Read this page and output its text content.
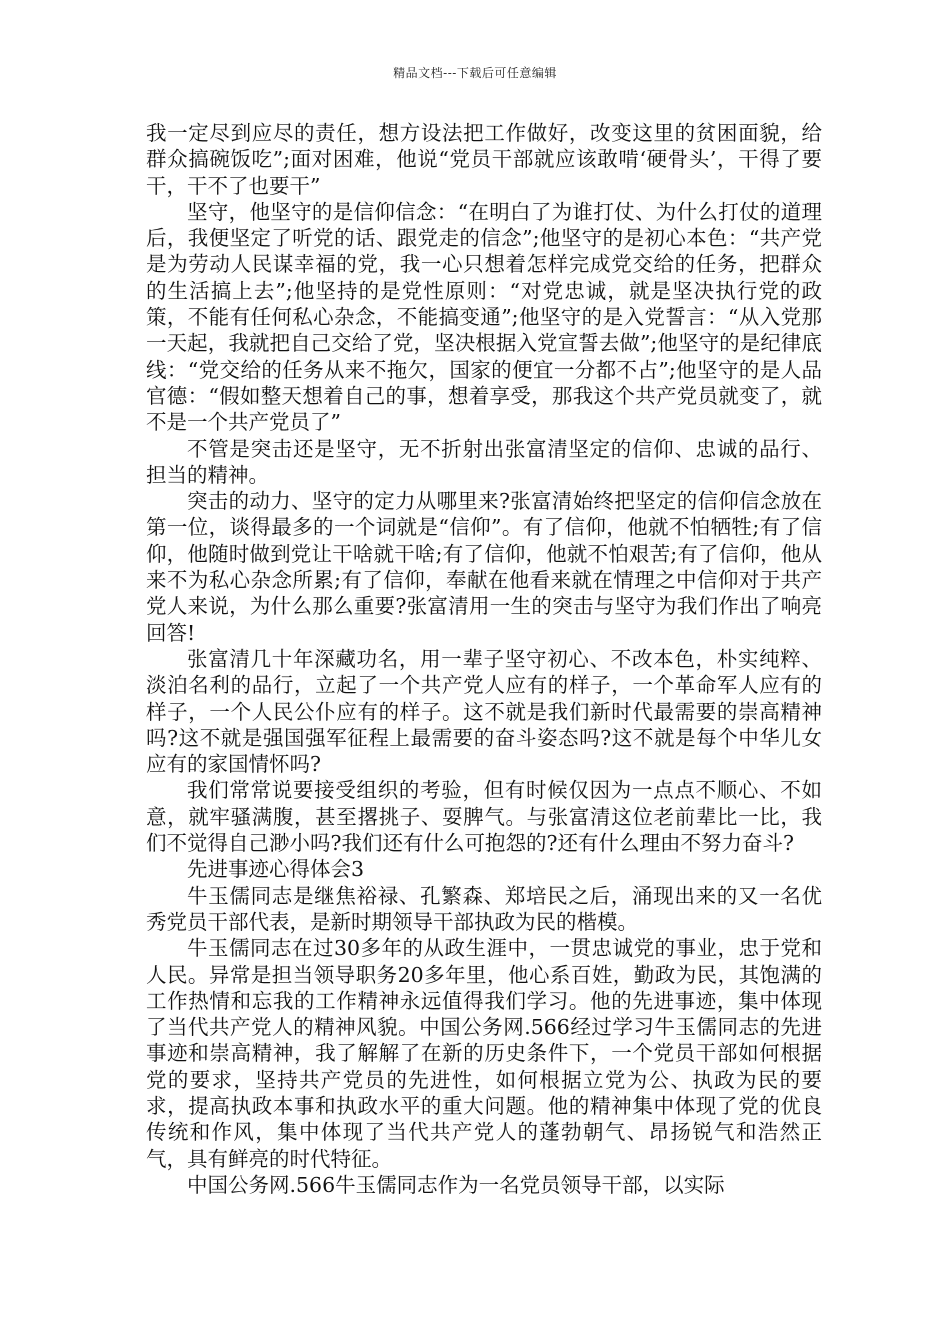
精品文档---下载后可任意编辑

我一定尽到应尽的责任，想方设法把工作做好，改变这里的贫困面貌，给群众搞碗饭吃”;面对困难，他说“党员干部就应该敢啃‘硬骨头’，干得了要干，干不了也要干”

坚守，他坚守的是信仰信念：“在明白了为谁打仗、为什么打仗的道理后，我便坚定了听党的话、跟党走的信念”;他坚守的是初心本色：“共产党是为劳动人民谋幸福的党，我一心只想着怎样完成党交给的任务，把群众的生活搞上去”;他坚持的是党性原则：“对党忠诚，就是坚决执行党的政策，不能有任何私心杂念，不能搞变通”;他坚守的是入党誓言：“从入党那一天起，我就把自己交给了党，坚决根据入党宣誓去做”;他坚守的是纪律底线：“党交给的任务从来不拖欠，国家的便宜一分都不占”;他坚守的是人品官德：“假如整天想着自己的事，想着享受，那我这个共产党员就变了，就不是一个共产党员了”

不管是突击还是坚守，无不折射出张富清坚定的信仰、忠诚的品行、担当的精神。

突击的动力、坚守的定力从哪里来?张富清始终把坚定的信仰信念放在第一位，谈得最多的一个词就是“信仰”。有了信仰，他就不怕牺牲;有了信仰，他随时做到党让干啥就干啥;有了信仰，他就不怕艰苦;有了信仰，他从来不为私心杂念所累;有了信仰，奉献在他看来就在情理之中信仰对于共产党人来说，为什么那么重要?张富清用一生的突击与坚守为我们作出了响亮回答!

张富清几十年深藏功名，用一辈子坚守初心、不改本色，朴实纯粹、淡泊名利的品行，立起了一个共产党人应有的样子，一个革命军人应有的样子，一个人民公仆应有的样子。这不就是我们新时代最需要的崇高精神吗?这不就是强国强军征程上最需要的奋斗姿态吗?这不就是每个中华儿女应有的家国情怀吗?

我们常常说要接受组织的考验，但有时候仅因为一点点不顺心、不如意，就牢骚满腹，甚至撂挑子、耍脾气。与张富清这位老前辈比一比，我们不觉得自己渺小吗?我们还有什么可抱怨的?还有什么理由不努力奋斗?

先进事迹心得体会3

牛玉儒同志是继焦裕禄、孔繁森、郑培民之后，涌现出来的又一名优秀党员干部代表，是新时期领导干部执政为民的楷模。

牛玉儒同志在过30多年的从政生涯中，一贯忠诚党的事业，忠于党和人民。异常是担当领导职务20多年里，他心系百姓，勤政为民，其饱满的工作热情和忘我的工作精神永远值得我们学习。他的先进事迹，集中体现了当代共产党人的精神风貌。中国公务网.566经过学习牛玉儒同志的先进事迹和崇高精神，我了解解了在新的历史条件下，一个党员干部如何根据党的要求，坚持共产党员的先进性，如何根据立党为公、执政为民的要求，提高执政本事和执政水平的重大问题。他的精神集中体现了党的优良传统和作风，集中体现了当代共产党人的蓬勃朝气、昂扬锐气和浩然正气，具有鲜亮的时代特征。

中国公务网.566牛玉儒同志作为一名党员领导干部，以实际
